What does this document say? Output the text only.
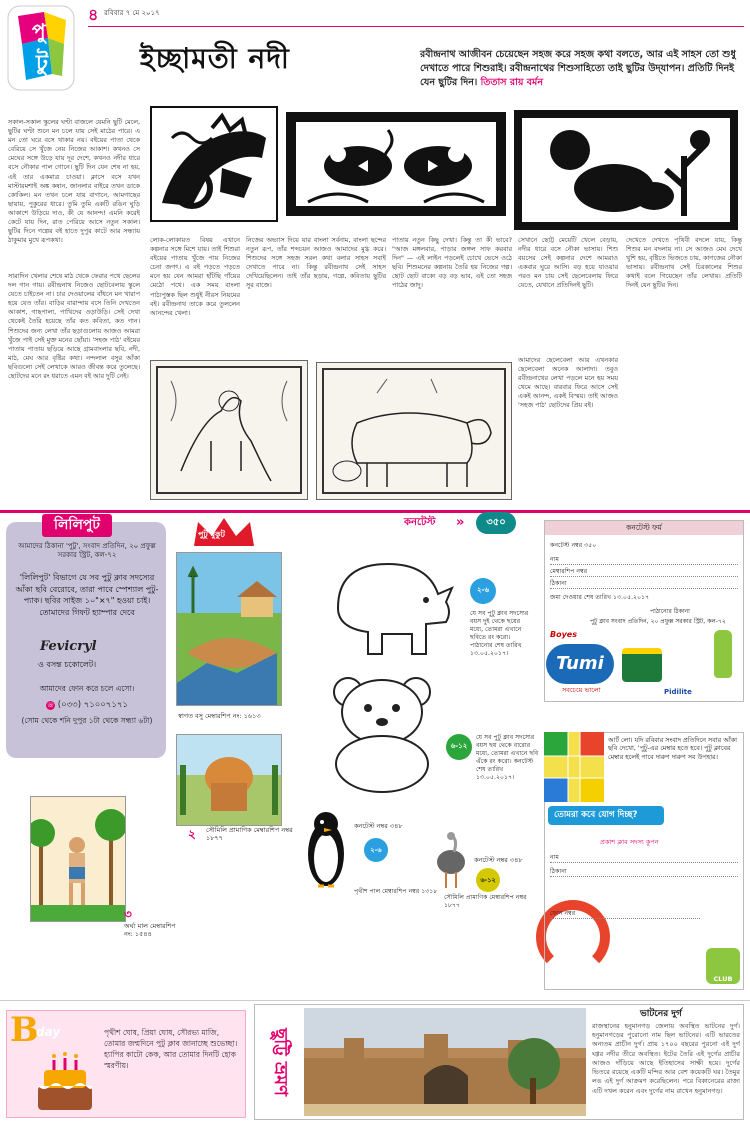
পু
টু
৪ রবিবার ৭ মে ২০১৭
ইচ্ছামতী নদী	রবীন্দ্রনাথ আজীবন চেয়েছেন সহজ করে সহজ কথা বলতে, আর এই সাহস তো শুধু দেখাতে পারে শিশুরাই। রবীন্দ্রনাথের শিশুসাহিত্যে তাই ছুটির উদ্‌যাপন। প্রতিটি দিনই যেন ছুটির দিন। তিতাস রায় বর্মন
সকাল-সকাল স্কুলের ঘণ্টা বাজলে যেমনি ছুটি মেলে, ছুটির ঘণ্টা শুনে মন চলে যায় সেই মাঠের পারে। এ মন তো ঘরে বসে থাকার নয়। বইয়ের পাতা থেকে বেরিয়ে সে খুঁজে নেয় নিজের আকাশ। কখনও সে মেঘের সঙ্গে উড়ে যায় দূর দেশে, কখনও নদীর ধারে বসে নৌকার পাল গোনে। ছুটি দিন যেন শেষ না হয়, এই তার একমাত্র চাওয়া। ক্লাসে বসে যখন মাস্টারমশাই অঙ্ক কষান, জানলার বাইরে তখন ডাকে কোকিল। মন তখন চলে যায় বাগানে, আমগাছের ছায়ায়, পুকুরের ধারে। তুমি তুমি একটি রঙিন ঘুড়ি আকাশে উড়িয়ে দাও, কী যে আনন্দ! এমনি করেই কেটে যায় দিন, রাত পেরিয়ে আসে নতুন সকাল। ছুটির দিনে গল্পের বই হাতে দুপুর কাটে আর সন্ধ্যায় ঠাকুমার মুখে রূপকথা।
সারাদিন খেলার শেষে মাঠ থেকে ফেরার পথে ছেলের দল গান গায়। রবীন্দ্রনাথ নিজেও ছোটবেলায় স্কুলে যেতে চাইতেন না। চার দেওয়ালের বাঁধনে মন খারাপ হয়ে যেত তাঁর। বাড়ির বারান্দায় বসে তিনি দেখতেন আকাশ, গাছপালা, পাখিদের ওড়াউড়ি। সেই দেখা থেকেই তৈরি হয়েছে তাঁর কত কবিতা, কত গান। শিশুদের জন্য লেখা তাঁর ছড়াগুলোয় আজও আমরা খুঁজে পাই সেই মুক্ত মনের ছোঁয়া। 'সহজ পাঠ' বইয়ের পাতায় পাতায় ছড়িয়ে আছে গ্রামবাংলার ছবি, নদী, মাঠ, মেঘ আর বৃষ্টির কথা। নন্দলাল বসুর আঁকা ছবিগুলো সেই লেখাকে আরও জীবন্ত করে তুলেছে। ছোটদের মনে রং ধরাতে এমন বই আর দুটি নেই।
লোক-লোকায়ত বিষয় এখানে কল্পনার সঙ্গে মিশে যায়। তাই শিশুরা বইয়ের পাতায় খুঁজে পায় নিজের চেনা জগৎ। এ বই পড়তে পড়তে মনে হয় যেন আমরা হাঁটছি গাঁয়ের মেঠো পথে। এক সময় বাংলা পাঠ্যপুস্তক ছিল শুধুই নীরস নিয়মের বই। রবীন্দ্রনাথ তাকে করে তুললেন আনন্দের খেলা।
নিজের অভ্যাস দিয়ে যার বাংলা সর্বনাম, বাংলা ছন্দের নতুন রূপ, তাঁর শব্দচয়ন আজও আমাদের মুগ্ধ করে। শিশুদের সঙ্গে সহজ সরল কথা বলার সাহস সবাই দেখাতে পারে না। কিন্তু রবীন্দ্রনাথ সেই সাহস দেখিয়েছিলেন। তাই তাঁর ছড়ায়, গল্পে, কবিতায় ছুটির সুর বাজে।
পাতায় নতুন কিছু দেখা। কিন্তু তা কী ভাবে? "আজ মঙ্গলবার, পাড়ার জঙ্গল সাফ করবার দিন" — এই লাইন পড়লেই চোখে ভেসে ওঠে ছবি। শিশুমনের কল্পনায় তৈরি হয় নিজের গল্প। ছোট ছোট বাক্যে বড় বড় ভাব, এই তো সহজ পাঠের জাদু।
সেখানে ছোট্ট মেয়েটি খেলে বেড়ায়, নদীর ধারে বসে নৌকা ভাসায়। শিশু বয়সের সেই কল্পনার দেশে আমরাও একবার ঘুরে আসি। বড় হয়ে যাওয়ার পরও মন চায় সেই ছেলেবেলায় ফিরে যেতে, যেখানে প্রতিদিনই ছুটি।
আমাদের ছেলেবেলা আর এখনকার ছেলেবেলা অনেক আলাদা। তবুও রবীন্দ্রনাথের লেখা পড়লে মনে হয় সময় থেমে আছে। বারবার ফিরে আসে সেই একই আনন্দ, একই বিস্ময়। তাই আজও 'সহজ পাঠ' ছোটদের প্রিয় বই।
দেখেতে দেখতে পৃথিবী বদলে যায়, কিন্তু শিশুর মন বদলায় না। সে আজও মেঘ দেখে খুশি হয়, বৃষ্টিতে ভিজতে চায়, কাগজের নৌকা ভাসায়। রবীন্দ্রনাথ সেই চিরকালের শিশুর কথাই বলে গিয়েছেন তাঁর লেখায়। প্রতিটি দিনই যেন ছুটির দিন।
লিলিপুট
আমাদের ঠিকানা 'পুটু', সংবাদ প্রতিদিন, ২০ প্রফুল্ল সরকার স্ট্রিট, কল-৭২
'লিলিপুট' বিভাগে যে সব পুটু ক্লাব সদস্যের আঁকা ছবি বেরোবে, তারা পাবে স্পেশ্যাল পুটু-প্যাক। ছবির সাইজ ১০"×৭" হওয়া চাই। তোমাদের গিফট হ্যাম্পার দেবে
Fevicryl
ও বসন্ত চকোলেট।
আমাদের ফোন করে চলে এসো।
☏ (০৩৩) ৭১০০৭১৭১
(সোম থেকে শনি দুপুর ১টা থেকে সন্ধ্যা ৬টা)
পুটু মুকুট
স্বাগত বসু মেম্বারশিপ নং: ১৬১৩
২ সৌমিলি প্রামাণিক মেম্বারশিপ নম্বর ১৮৭৭
৩
অর্ঘ্য মাল মেম্বারশিপ নং: ১৫৪৪
কনটেস্ট »	৩৫০
২-৬
যে সব পুটু ক্লাব সদস্যের বয়স দুই থেকে ছয়ের মধ্যে, তোমরা এখানে ছবিতে রং করো। পাঠানোর শেষ তারিখ ১৩.০৫.২০১৭।
৬-১২
যে সব পুটু ক্লাব সদস্যের বয়স ছয় থেকে বারোর মধ্যে, তোমরা এখানে ছবি এঁকে রং করো। কনটেস্ট শেষ তারিখ ১৩.০৫.২০১৭।
কনটেস্ট নম্বর ৩৪৮
২-৬
পৃথীশ পাল মেম্বারশিপ নম্বর ১৩১৮
কনটেস্ট নম্বর ৩৪৮
৬-১২
সৌমিলি প্রামাণিক মেম্বারশিপ নম্বর ১৮৭৭
কনটেস্ট ফর্ম
কনটেস্ট নম্বর ৩৫০
নাম
মেম্বারশিপ নম্বর
ঠিকানা
জমা দেওয়ার শেষ তারিখ ১৩.০৫.২০১৭
পাঠানোর ঠিকানা
পুটু ক্লাব সংবাদ প্রতিদিন, ২০ প্রফুল্ল সরকার স্ট্রিট, কল-৭২
Boyes
Tumi
সবচেয়ে ভালো	Pidilite
আর্ট লো। যদি রবিবার সংবাদ প্রতিদিনে সবার আঁকা ছবি দেখো, 'পুটু-এর মেম্বার হতে হবে। পুটু ক্লাবের মেম্বার হলেই পাবে দারুণ দারুণ সব উপহার।
তোমরা কবে যোগ দিচ্ছ?
প্রকাশ ক্লাব সদস্য কুপন
নাম
ঠিকানা
ফোন নম্বর
CLUB
B
day	পৃথীশ ঘোষ, প্রিয়া ঘোষ, সৌরভ্য মাজি, তোমার জন্মদিনে পুটু ক্লাব জানাচ্ছে শুভেচ্ছা। হ্যাপির কাটো কেক, আর তোমার দিনটি হোক স্মরণীয়।	ছুট্টি ভ্রমণ
ভাটনের দুর্গ
রাজস্থানের হনুমানগড় জেলায় অবস্থিত ভাটনের দুর্গ। হনুমানগড়ের পুরোনো নাম ছিল ভাটনের। এটি ভারতের অন্যতম প্রাচীন দুর্গ। প্রায় ১৭০০ বছরের পুরনো এই দুর্গ ঘগ্গর নদীর তীরে অবস্থিত। ইটের তৈরি এই দুর্গের প্রাচীর আজও দাঁড়িয়ে আছে ইতিহাসের সাক্ষী হয়ে। দুর্গের ভিতরে রয়েছে একটি মন্দির আর বেশ কয়েকটি ঘর। তৈমুর লঙ এই দুর্গ আক্রমণ করেছিলেন। পরে বিকানেরের রাজা এটি দখল করেন এবং দুর্গের নাম রাখেন হনুমানগড়।
